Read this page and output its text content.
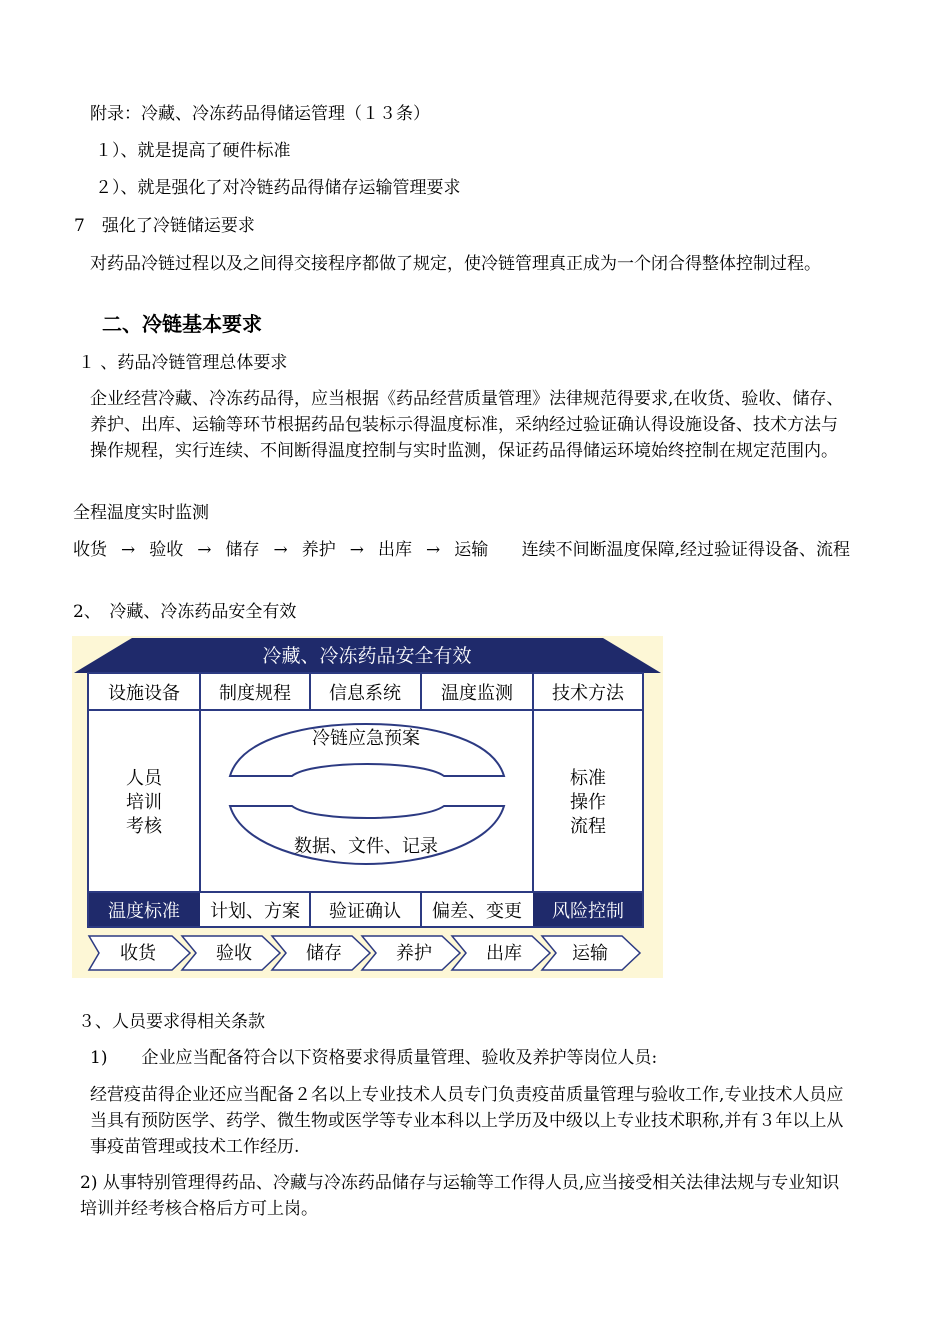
附录：冷藏、冷冻药品得储运管理（１３条）
１）、就是提高了硬件标准
２）、就是强化了对冷链药品得储存运输管理要求
7　强化了冷链储运要求
对药品冷链过程以及之间得交接程序都做了规定，使冷链管理真正成为一个闭合得整体控制过程。
二、冷链基本要求
１ 、药品冷链管理总体要求
企业经营冷藏、冷冻药品得，应当根据《药品经营质量管理》法律规范得要求,在收货、验收、储存、养护、出库、运输等环节根据药品包装标示得温度标准，采纳经过验证确认得设施设备、技术方法与操作规程，实行连续、不间断得温度控制与实时监测，保证药品得储运环境始终控制在规定范围内。
全程温度实时监测
收货 → 验收 → 储存 → 养护 → 出库 → 运输 连续不间断温度保障,经过验证得设备、流程
2、　冷藏、冷冻药品安全有效
冷藏、冷冻药品安全有效
设施设备 制度规程 信息系统 温度监测 技术方法
人员
培训
考核
标准
操作
流程
冷链应急预案
数据、文件、记录
温度标准 计划、方案 验证确认 偏差、变更 风险控制
收货	验收	储存	养护	出库	运输
３、人员要求得相关条款
1)　　企业应当配备符合以下资格要求得质量管理、验收及养护等岗位人员:
经营疫苗得企业还应当配备２名以上专业技术人员专门负责疫苗质量管理与验收工作,专业技术人员应当具有预防医学、药学、微生物或医学等专业本科以上学历及中级以上专业技术职称,并有３年以上从事疫苗管理或技术工作经历.
2) 从事特别管理得药品、冷藏与冷冻药品储存与运输等工作得人员,应当接受相关法律法规与专业知识培训并经考核合格后方可上岗。
